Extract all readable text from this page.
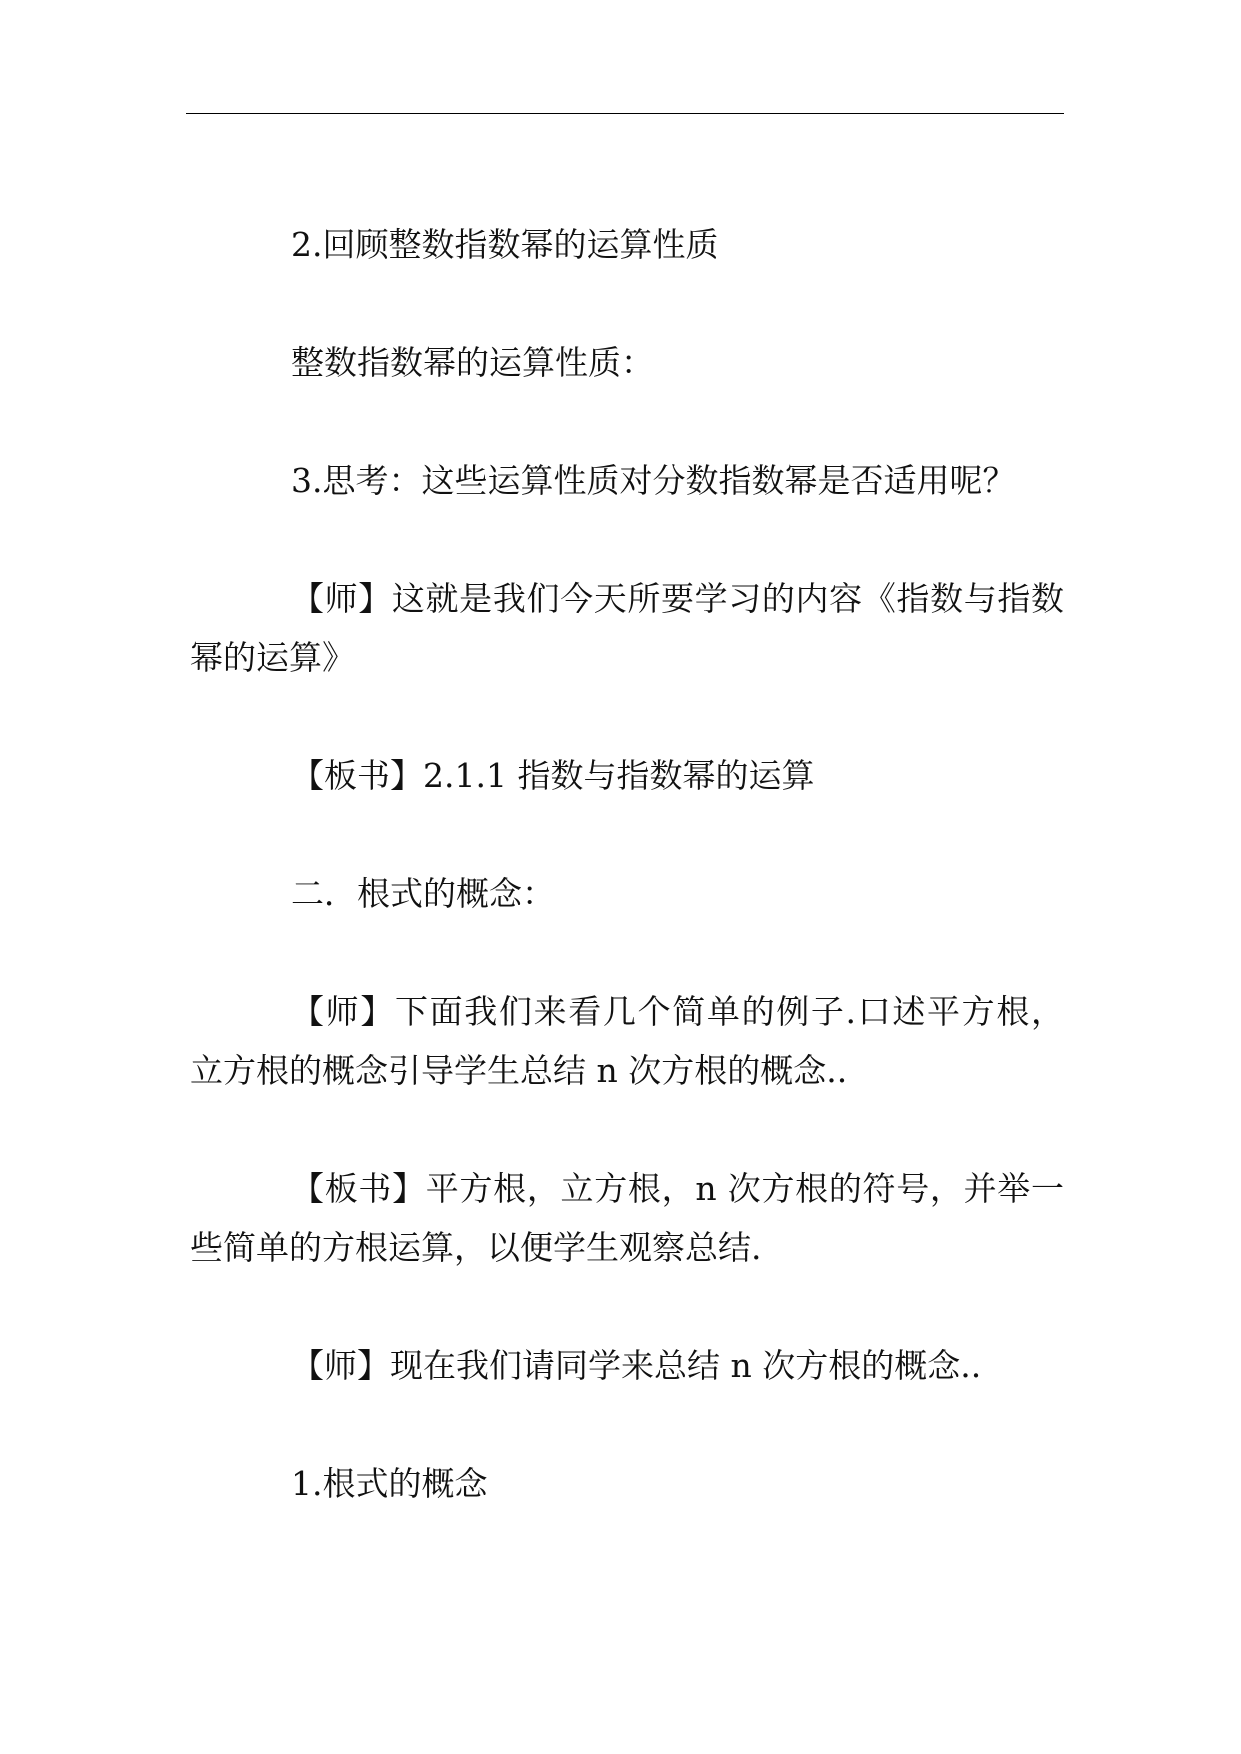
2.回顾整数指数幂的运算性质

整数指数幂的运算性质：

3.思考：这些运算性质对分数指数幂是否适用呢？

【师】这就是我们今天所要学习的内容《指数与指数
幂的运算》

【板书】2.1.1 指数与指数幂的运算

二．根式的概念：

【师】下面我们来看几个简单的例子.口述平方根，
立方根的概念引导学生总结 n 次方根的概念..

【板书】平方根，立方根，n 次方根的符号，并举一
些简单的方根运算，以便学生观察总结.

【师】现在我们请同学来总结 n 次方根的概念..

1.根式的概念
